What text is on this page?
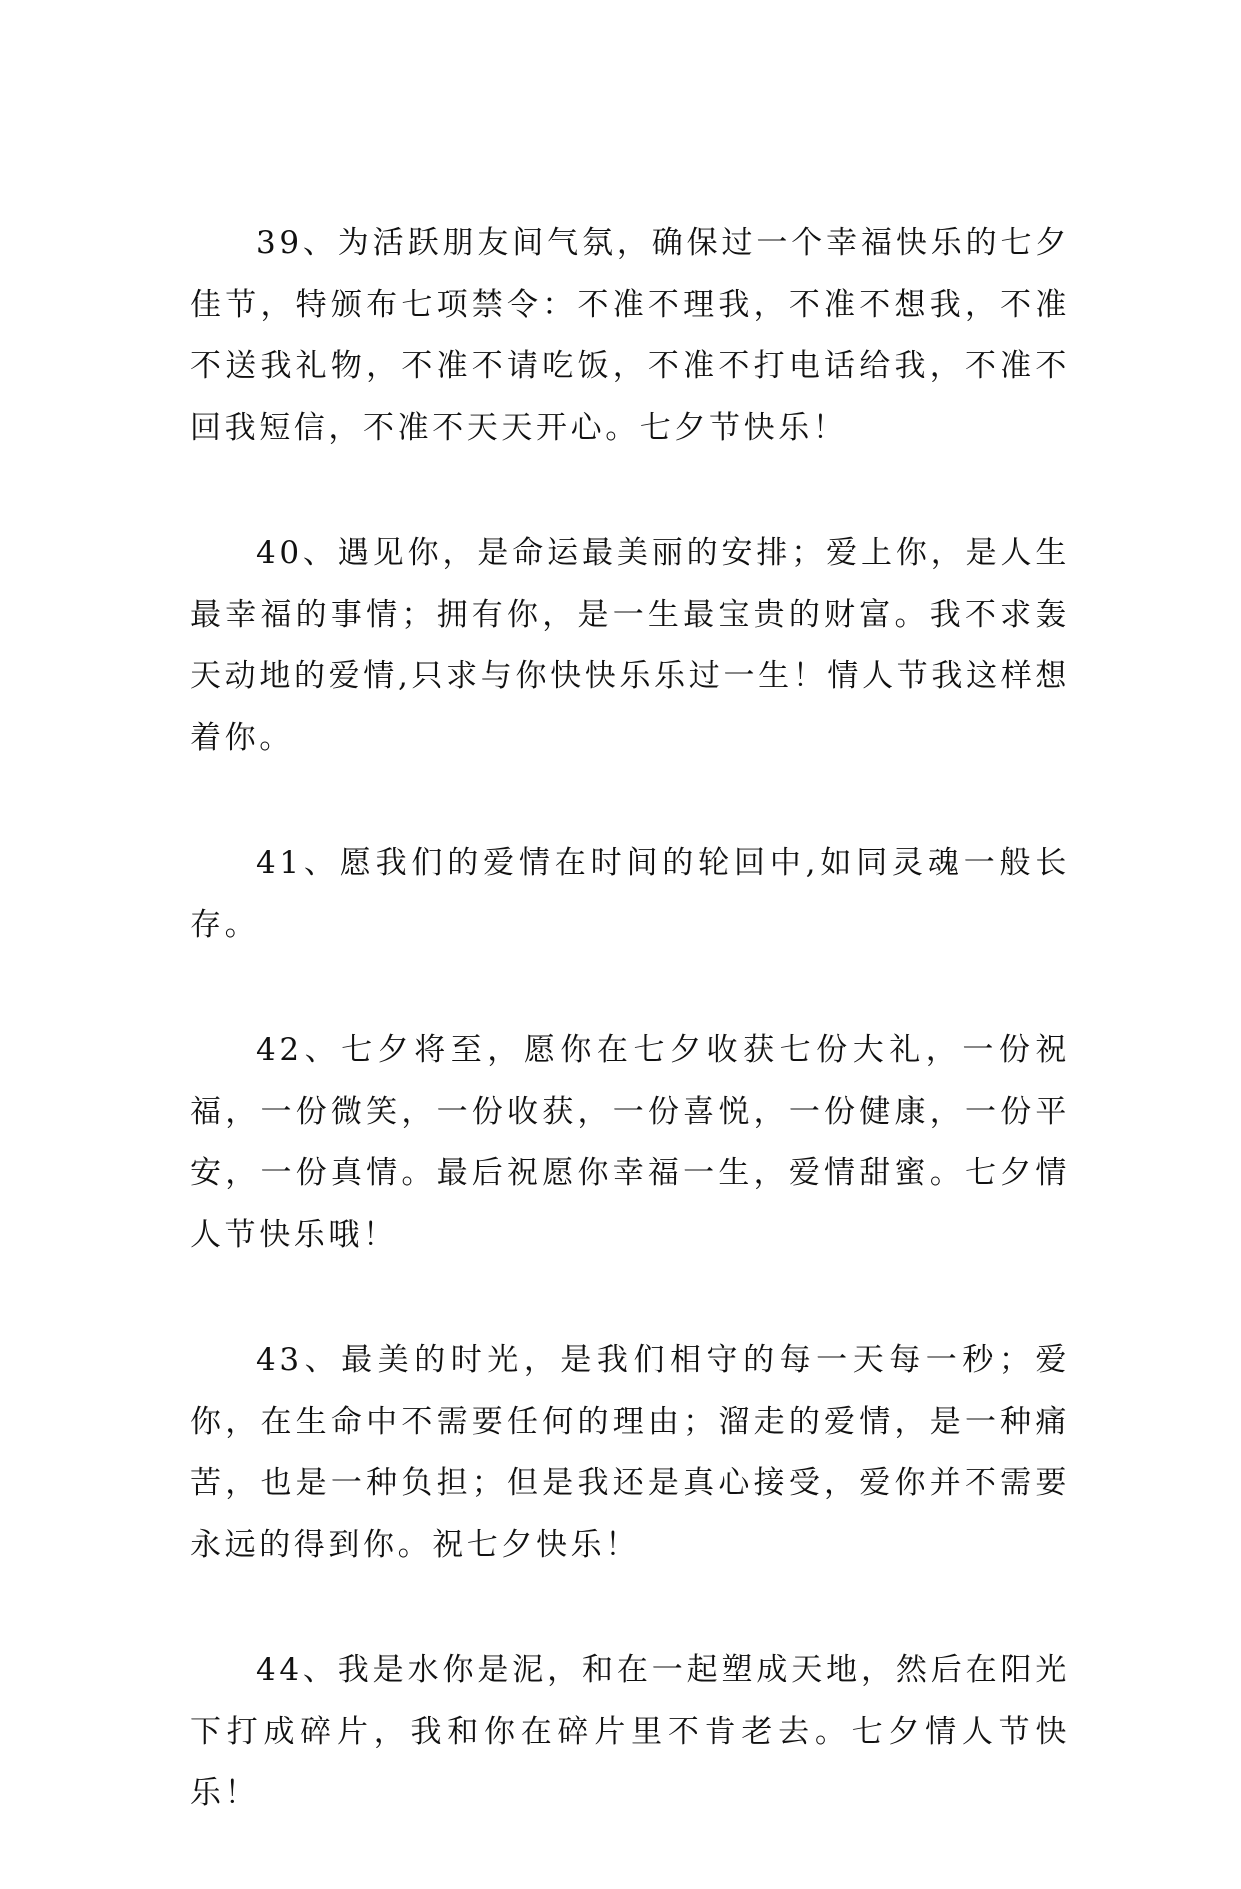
39、为活跃朋友间气氛，确保过一个幸福快乐的七夕佳节，特颁布七项禁令：不准不理我，不准不想我，不准不送我礼物，不准不请吃饭，不准不打电话给我，不准不回我短信，不准不天天开心。七夕节快乐！

40、遇见你，是命运最美丽的安排；爱上你，是人生最幸福的事情；拥有你，是一生最宝贵的财富。我不求轰天动地的爱情,只求与你快快乐乐过一生！情人节我这样想着你。

41、愿我们的爱情在时间的轮回中,如同灵魂一般长存。

42、七夕将至，愿你在七夕收获七份大礼，一份祝福，一份微笑，一份收获，一份喜悦，一份健康，一份平安，一份真情。最后祝愿你幸福一生，爱情甜蜜。七夕情人节快乐哦！

43、最美的时光，是我们相守的每一天每一秒；爱你，在生命中不需要任何的理由；溜走的爱情，是一种痛苦，也是一种负担；但是我还是真心接受，爱你并不需要永远的得到你。祝七夕快乐！

44、我是水你是泥，和在一起塑成天地，然后在阳光下打成碎片，我和你在碎片里不肯老去。七夕情人节快乐！
